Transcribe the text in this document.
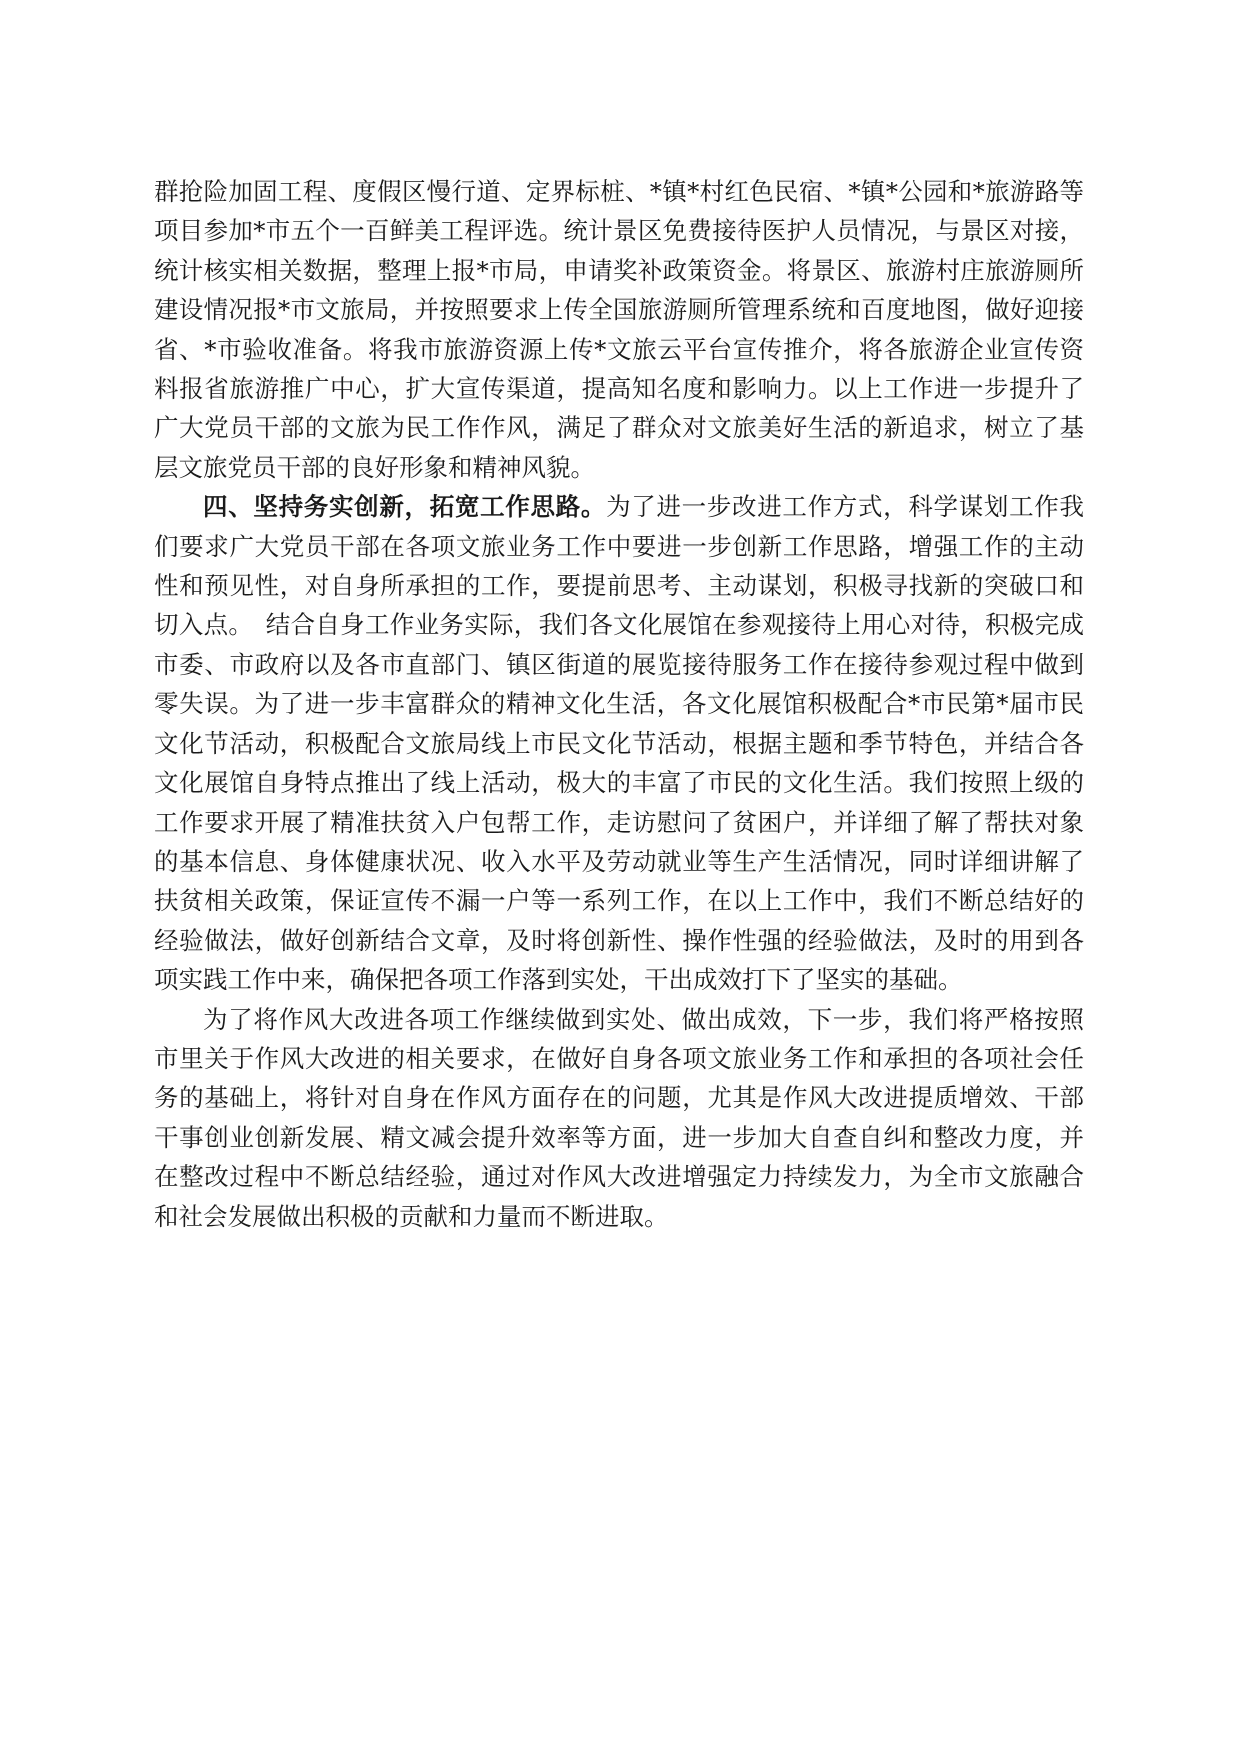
群抢险加固工程、度假区慢行道、定界标桩、*镇*村红色民宿、*镇*公园和*旅游路等项目参加*市五个一百鲜美工程评选。统计景区免费接待医护人员情况，与景区对接，统计核实相关数据，整理上报*市局，申请奖补政策资金。将景区、旅游村庄旅游厕所建设情况报*市文旅局，并按照要求上传全国旅游厕所管理系统和百度地图，做好迎接省、*市验收准备。将我市旅游资源上传*文旅云平台宣传推介，将各旅游企业宣传资料报省旅游推广中心，扩大宣传渠道，提高知名度和影响力。以上工作进一步提升了广大党员干部的文旅为民工作作风，满足了群众对文旅美好生活的新追求，树立了基层文旅党员干部的良好形象和精神风貌。

四、坚持务实创新，拓宽工作思路。为了进一步改进工作方式，科学谋划工作我们要求广大党员干部在各项文旅业务工作中要进一步创新工作思路，增强工作的主动性和预见性，对自身所承担的工作，要提前思考、主动谋划，积极寻找新的突破口和切入点。　结合自身工作业务实际，我们各文化展馆在参观接待上用心对待，积极完成市委、市政府以及各市直部门、镇区街道的展览接待服务工作在接待参观过程中做到零失误。为了进一步丰富群众的精神文化生活，各文化展馆积极配合*市民第*届市民文化节活动，积极配合文旅局线上市民文化节活动，根据主题和季节特色，并结合各文化展馆自身特点推出了线上活动，极大的丰富了市民的文化生活。我们按照上级的工作要求开展了精准扶贫入户包帮工作，走访慰问了贫困户，并详细了解了帮扶对象的基本信息、身体健康状况、收入水平及劳动就业等生产生活情况，同时详细讲解了扶贫相关政策，保证宣传不漏一户等一系列工作，在以上工作中，我们不断总结好的经验做法，做好创新结合文章，及时将创新性、操作性强的经验做法，及时的用到各项实践工作中来，确保把各项工作落到实处，干出成效打下了坚实的基础。

为了将作风大改进各项工作继续做到实处、做出成效，下一步，我们将严格按照市里关于作风大改进的相关要求，在做好自身各项文旅业务工作和承担的各项社会任务的基础上，将针对自身在作风方面存在的问题，尤其是作风大改进提质增效、干部干事创业创新发展、精文减会提升效率等方面，进一步加大自查自纠和整改力度，并在整改过程中不断总结经验，通过对作风大改进增强定力持续发力，为全市文旅融合和社会发展做出积极的贡献和力量而不断进取。
